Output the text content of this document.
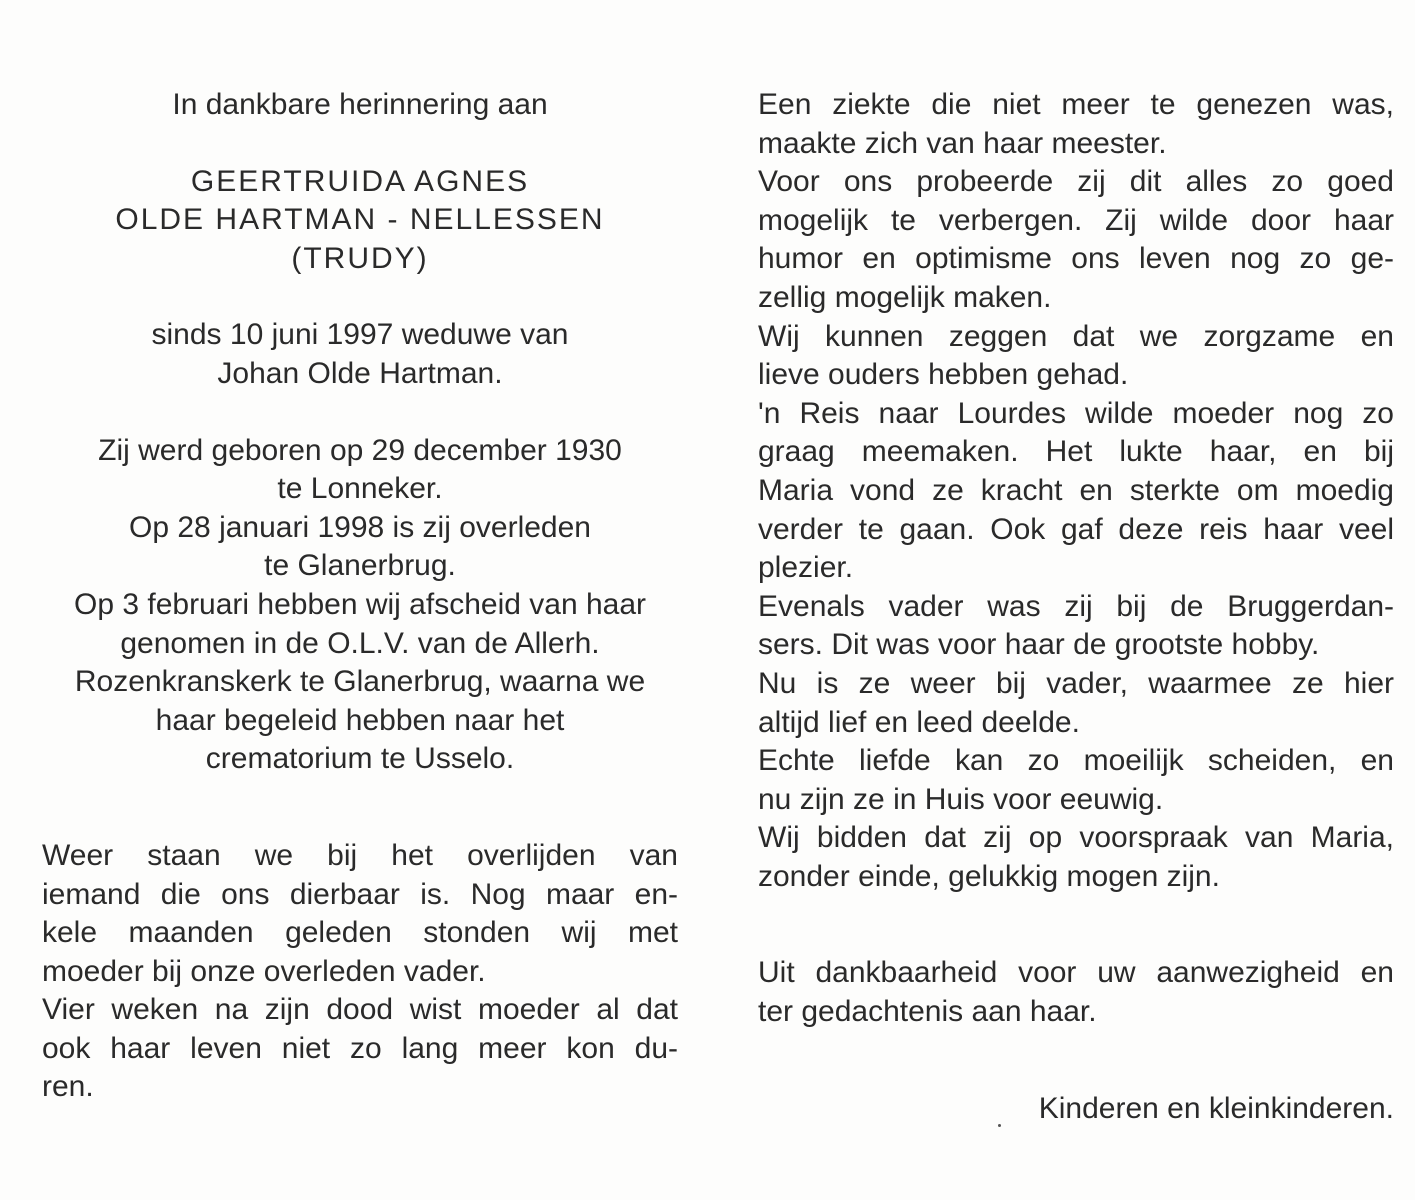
In dankbare herinnering aan
GEERTRUIDA AGNES
OLDE HARTMAN - NELLESSEN
(TRUDY)
sinds 10 juni 1997 weduwe van
Johan Olde Hartman.
Zij werd geboren op 29 december 1930
te Lonneker.
Op 28 januari 1998 is zij overleden
te Glanerbrug.
Op 3 februari hebben wij afscheid van haar
genomen in de O.L.V. van de Allerh.
Rozenkranskerk te Glanerbrug, waarna we
haar begeleid hebben naar het
crematorium te Usselo.
Weer staan we bij het overlijden van
iemand die ons dierbaar is. Nog maar en-
kele maanden geleden stonden wij met
moeder bij onze overleden vader.
Vier weken na zijn dood wist moeder al dat
ook haar leven niet zo lang meer kon du-
ren.
Een ziekte die niet meer te genezen was,
maakte zich van haar meester.
Voor ons probeerde zij dit alles zo goed
mogelijk te verbergen. Zij wilde door haar
humor en optimisme ons leven nog zo ge-
zellig mogelijk maken.
Wij kunnen zeggen dat we zorgzame en
lieve ouders hebben gehad.
'n Reis naar Lourdes wilde moeder nog zo
graag meemaken. Het lukte haar, en bij
Maria vond ze kracht en sterkte om moedig
verder te gaan. Ook gaf deze reis haar veel
plezier.
Evenals vader was zij bij de Bruggerdan-
sers. Dit was voor haar de grootste hobby.
Nu is ze weer bij vader, waarmee ze hier
altijd lief en leed deelde.
Echte liefde kan zo moeilijk scheiden, en
nu zijn ze in Huis voor eeuwig.
Wij bidden dat zij op voorspraak van Maria,
zonder einde, gelukkig mogen zijn.
Uit dankbaarheid voor uw aanwezigheid en
ter gedachtenis aan haar.
Kinderen en kleinkinderen.
